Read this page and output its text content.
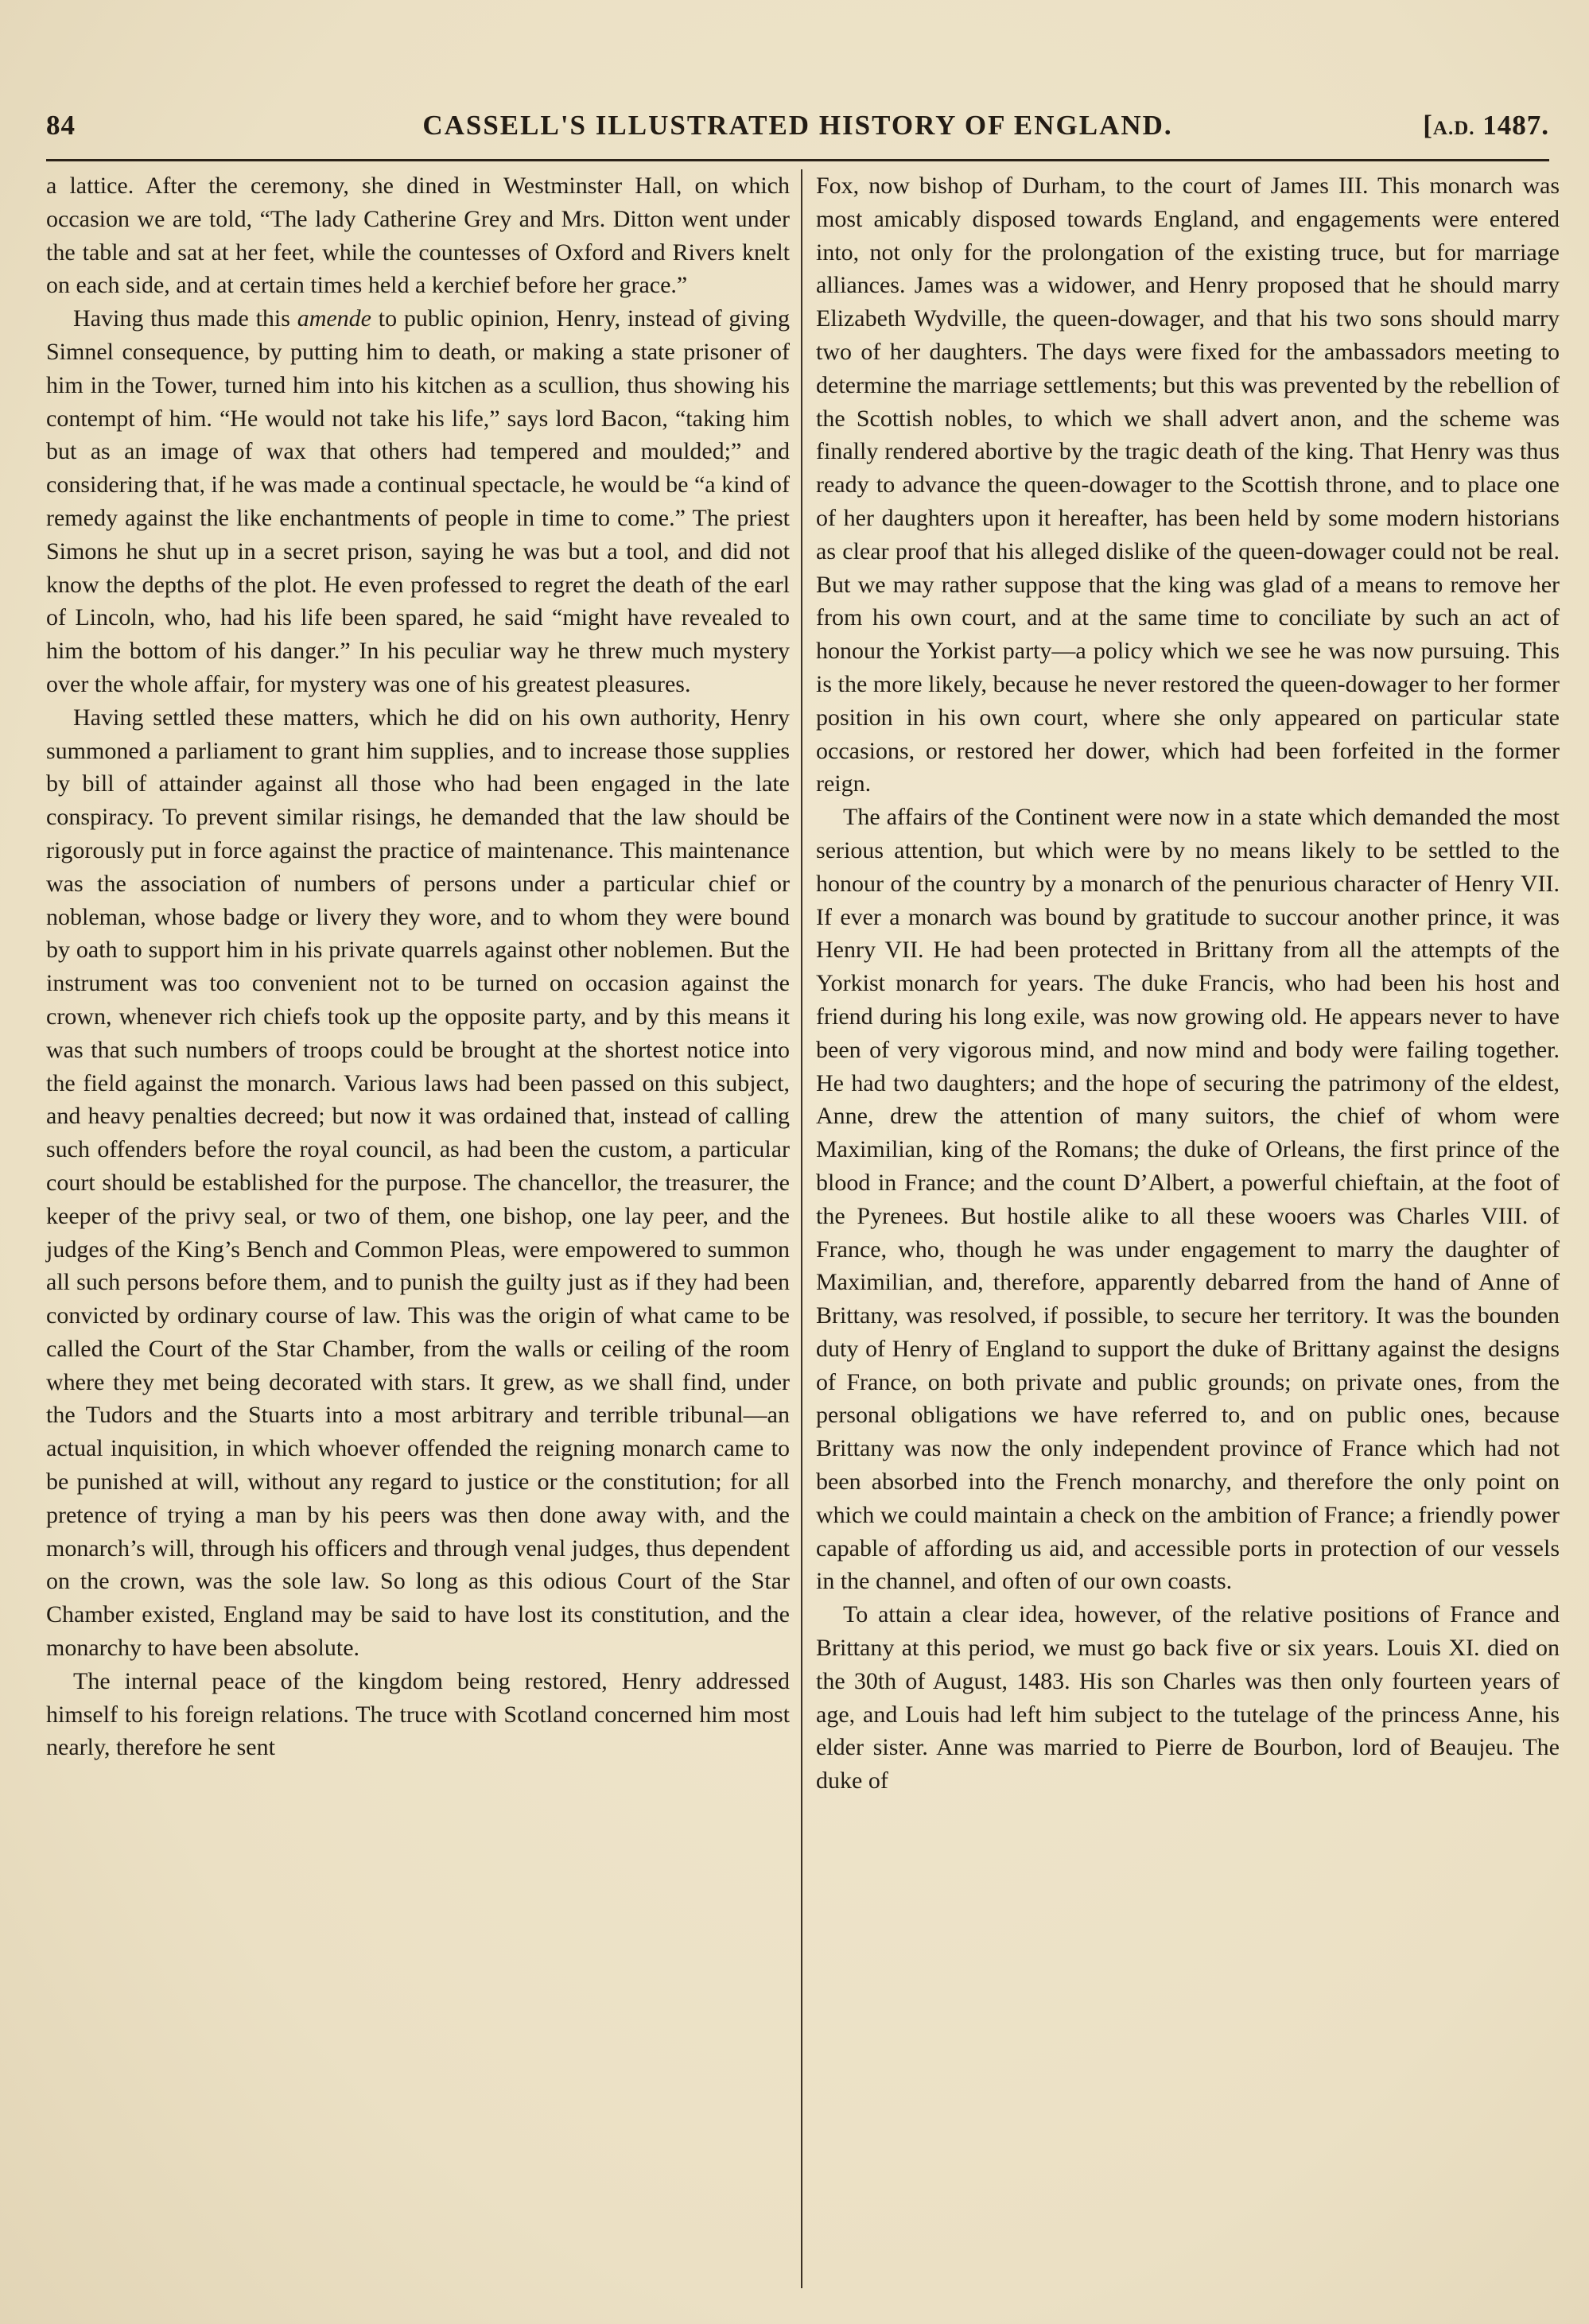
84	CASSELL'S ILLUSTRATED HISTORY OF ENGLAND.	[A.D. 1487.

a lattice. After the ceremony, she dined in Westminster Hall, on which occasion we are told, “The lady Catherine Grey and Mrs. Ditton went under the table and sat at her feet, while the countesses of Oxford and Rivers knelt on each side, and at certain times held a kerchief before her grace.”

Having thus made this amende to public opinion, Henry, instead of giving Simnel consequence, by putting him to death, or making a state prisoner of him in the Tower, turned him into his kitchen as a scullion, thus showing his contempt of him. “He would not take his life,” says lord Bacon, “taking him but as an image of wax that others had tempered and moulded;” and considering that, if he was made a continual spectacle, he would be “a kind of remedy against the like enchantments of people in time to come.” The priest Simons he shut up in a secret prison, saying he was but a tool, and did not know the depths of the plot. He even professed to regret the death of the earl of Lincoln, who, had his life been spared, he said “might have revealed to him the bottom of his danger.” In his peculiar way he threw much mystery over the whole affair, for mystery was one of his greatest pleasures.

Having settled these matters, which he did on his own authority, Henry summoned a parliament to grant him supplies, and to increase those supplies by bill of attainder against all those who had been engaged in the late conspiracy. To prevent similar risings, he demanded that the law should be rigorously put in force against the practice of maintenance. This maintenance was the association of numbers of persons under a particular chief or nobleman, whose badge or livery they wore, and to whom they were bound by oath to support him in his private quarrels against other noblemen. But the instrument was too convenient not to be turned on occasion against the crown, whenever rich chiefs took up the opposite party, and by this means it was that such numbers of troops could be brought at the shortest notice into the field against the monarch. Various laws had been passed on this subject, and heavy penalties decreed; but now it was ordained that, instead of calling such offenders before the royal council, as had been the custom, a particular court should be established for the purpose. The chancellor, the treasurer, the keeper of the privy seal, or two of them, one bishop, one lay peer, and the judges of the King’s Bench and Common Pleas, were empowered to summon all such persons before them, and to punish the guilty just as if they had been convicted by ordinary course of law. This was the origin of what came to be called the Court of the Star Chamber, from the walls or ceiling of the room where they met being decorated with stars. It grew, as we shall find, under the Tudors and the Stuarts into a most arbitrary and terrible tribunal—an actual inquisition, in which whoever offended the reigning monarch came to be punished at will, without any regard to justice or the constitution; for all pretence of trying a man by his peers was then done away with, and the monarch’s will, through his officers and through venal judges, thus dependent on the crown, was the sole law. So long as this odious Court of the Star Chamber existed, England may be said to have lost its constitution, and the monarchy to have been absolute.

The internal peace of the kingdom being restored, Henry addressed himself to his foreign relations. The truce with Scotland concerned him most nearly, therefore he sent

Fox, now bishop of Durham, to the court of James III. This monarch was most amicably disposed towards England, and engagements were entered into, not only for the prolongation of the existing truce, but for marriage alliances. James was a widower, and Henry proposed that he should marry Elizabeth Wydville, the queen-dowager, and that his two sons should marry two of her daughters. The days were fixed for the ambassadors meeting to determine the marriage settlements; but this was prevented by the rebellion of the Scottish nobles, to which we shall advert anon, and the scheme was finally rendered abortive by the tragic death of the king. That Henry was thus ready to advance the queen-dowager to the Scottish throne, and to place one of her daughters upon it hereafter, has been held by some modern historians as clear proof that his alleged dislike of the queen-dowager could not be real. But we may rather suppose that the king was glad of a means to remove her from his own court, and at the same time to conciliate by such an act of honour the Yorkist party—a policy which we see he was now pursuing. This is the more likely, because he never restored the queen-dowager to her former position in his own court, where she only appeared on particular state occasions, or restored her dower, which had been forfeited in the former reign.

The affairs of the Continent were now in a state which demanded the most serious attention, but which were by no means likely to be settled to the honour of the country by a monarch of the penurious character of Henry VII. If ever a monarch was bound by gratitude to succour another prince, it was Henry VII. He had been protected in Brittany from all the attempts of the Yorkist monarch for years. The duke Francis, who had been his host and friend during his long exile, was now growing old. He appears never to have been of very vigorous mind, and now mind and body were failing together. He had two daughters; and the hope of securing the patrimony of the eldest, Anne, drew the attention of many suitors, the chief of whom were Maximilian, king of the Romans; the duke of Orleans, the first prince of the blood in France; and the count D’Albert, a powerful chieftain, at the foot of the Pyrenees. But hostile alike to all these wooers was Charles VIII. of France, who, though he was under engagement to marry the daughter of Maximilian, and, therefore, apparently debarred from the hand of Anne of Brittany, was resolved, if possible, to secure her territory. It was the bounden duty of Henry of England to support the duke of Brittany against the designs of France, on both private and public grounds; on private ones, from the personal obligations we have referred to, and on public ones, because Brittany was now the only independent province of France which had not been absorbed into the French monarchy, and therefore the only point on which we could maintain a check on the ambition of France; a friendly power capable of affording us aid, and accessible ports in protection of our vessels in the channel, and often of our own coasts.

To attain a clear idea, however, of the relative positions of France and Brittany at this period, we must go back five or six years. Louis XI. died on the 30th of August, 1483. His son Charles was then only fourteen years of age, and Louis had left him subject to the tutelage of the princess Anne, his elder sister. Anne was married to Pierre de Bourbon, lord of Beaujeu. The duke of
